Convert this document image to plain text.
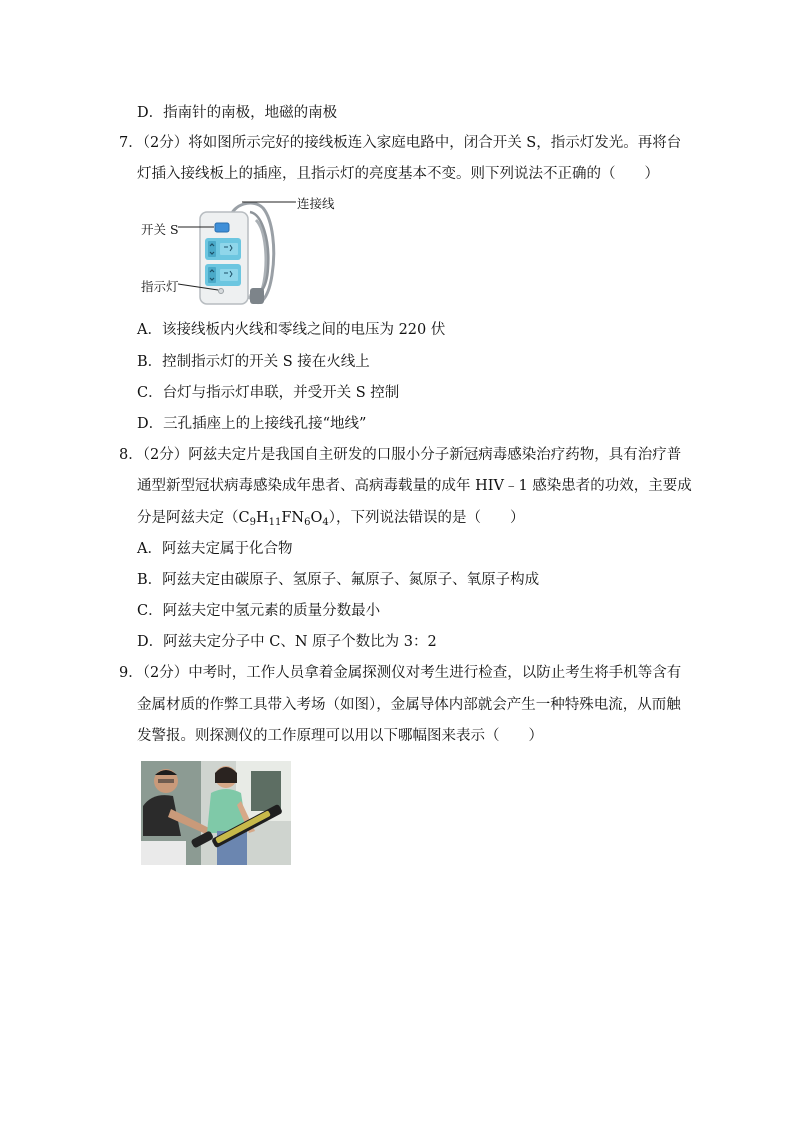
D．指南针的南极，地磁的南极
7．（2分）将如图所示完好的接线板连入家庭电路中，闭合开关 S，指示灯发光。再将台
灯插入接线板上的插座，且指示灯的亮度基本不变。则下列说法不正确的（　　）
连接线
开关 S
指示灯
A．该接线板内火线和零线之间的电压为 220 伏
B．控制指示灯的开关 S 接在火线上
C．台灯与指示灯串联，并受开关 S 控制
D．三孔插座上的上接线孔接“地线”
8．（2分）阿兹夫定片是我国自主研发的口服小分子新冠病毒感染治疗药物，具有治疗普
通型新型冠状病毒感染成年患者、高病毒载量的成年 HIV﹣1 感染患者的功效，主要成
分是阿兹夫定$(C_9H_{11}FN_6O_4)$，下列说法错误的是（　　）
A．阿兹夫定属于化合物
B．阿兹夫定由碳原子、氢原子、氟原子、氮原子、氧原子构成
C．阿兹夫定中氢元素的质量分数最小
D．阿兹夫定分子中 C、N 原子个数比为 3：2
9．（2分）中考时，工作人员拿着金属探测仪对考生进行检查，以防止考生将手机等含有
金属材质的作弊工具带入考场（如图），金属导体内部就会产生一种特殊电流，从而触
发警报。则探测仪的工作原理可以用以下哪幅图来表示（　　）
